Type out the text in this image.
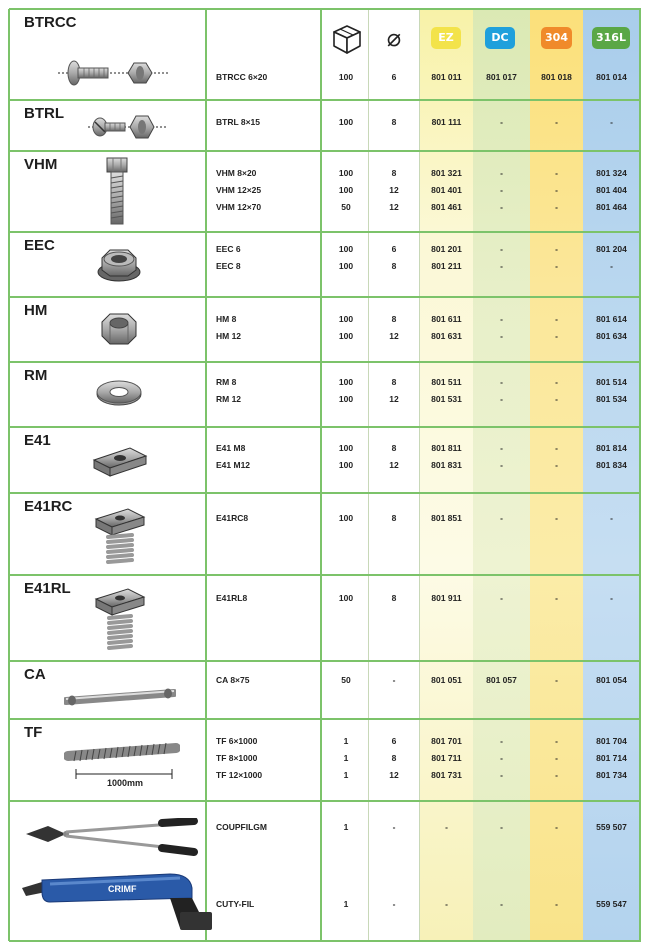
⌀	EZ	DC	304	316L
1000mm
CRIMF
BTRCC
BTRCC 6×20	100	6	801 011	801 017	801 018	801 014
BTRL	BTRL 8×15	100	8	801 111	-	-	-
VHM	VHM 8×20	100	8	801 321	-	-	801 324
VHM 12×25	100	12	801 401	-	-	801 404
VHM 12×70	50	12	801 461	-	-	801 464
EEC	EEC 6	100	6	801 201	-	-	801 204
EEC 8	100	8	801 211	-	-	-
HM	HM 8	100	8	801 611	-	-	801 614
HM 12	100	12	801 631	-	-	801 634
RM	RM 8	100	8	801 511	-	-	801 514
RM 12	100	12	801 531	-	-	801 534
E41	E41 M8	100	8	801 811	-	-	801 814
E41 M12	100	12	801 831	-	-	801 834
E41RC
E41RC8	100	8	801 851	-	-	-
E41RL
E41RL8	100	8	801 911	-	-	-
CA	CA 8×75	50	-	801 051	801 057	-	801 054
TF	TF 6×1000	1	6	801 701	-	-	801 704
TF 8×1000	1	8	801 711	-	-	801 714
TF 12×1000	1	12	801 731	-	-	801 734
COUPFILGM	1	-	-	-	-	559 507
CUTY-FIL	1	-	-	-	-	559 547
